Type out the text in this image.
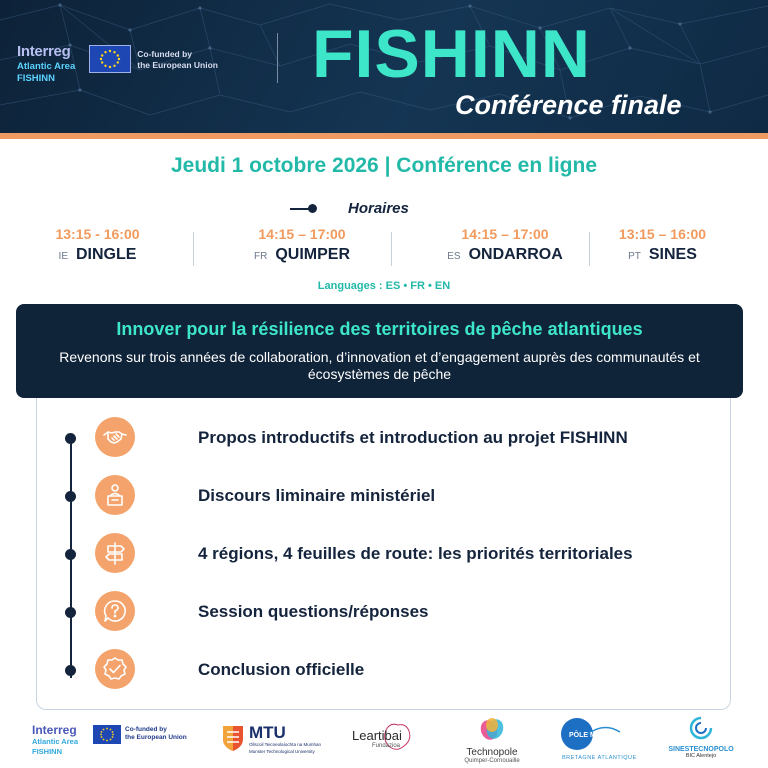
Interreg
Atlantic Area
FISHINN
Co-funded by
the European Union FISHINN
Conférence finale
Jeudi 1 octobre 2026 | Conférence en ligne
Horaires
13:15 - 16:00
IE DINGLE
14:15 – 17:00
FR QUIMPER
14:15 – 17:00
ES ONDARROA
13:15 – 16:00
PT SINES
Languages : ES • FR • EN
Innover pour la résilience des territoires de pêche atlantiques
Revenons sur trois années de collaboration, d’innovation et d’engagement auprès des communautés et écosystèmes de pêche
Propos introductifs et introduction au projet FISHINN
Discours liminaire ministériel
4 régions, 4 feuilles de route: les priorités territoriales
Session questions/réponses
Conclusion officielle
Interreg
Atlantic Area
FISHINN
Co-funded by
the European Union	MTU
Ollscoil Teicneolaíochta na Mumhan
Munster Technological University
Leartibai
Fundazioa
Technopole
Quimper-Cornouaille
PÔLE MER
BRETAGNE ATLANTIQUE
SINESTECNOPOLO
BIC Alentejo
